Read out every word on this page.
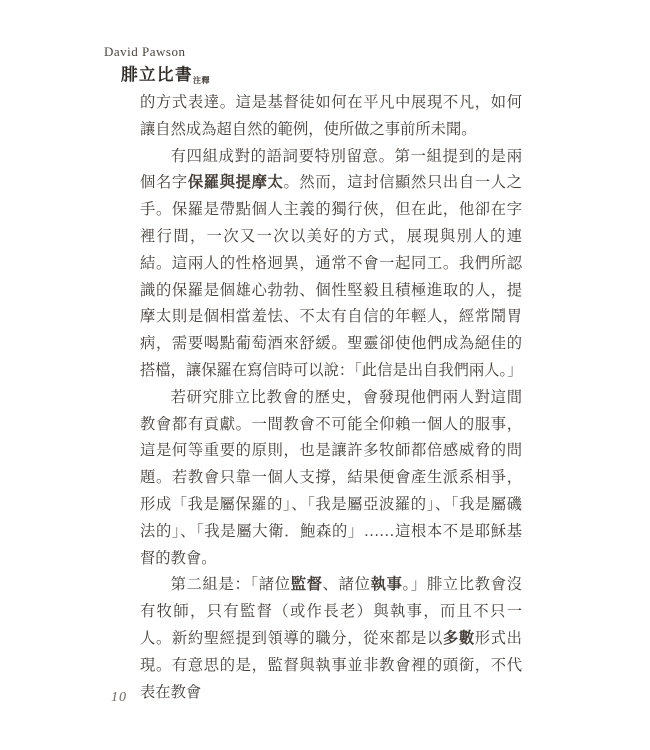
David Pawson
腓立比書注釋

的方式表達。這是基督徒如何在平凡中展現不凡，如何讓自然成為超自然的範例，使所做之事前所未聞。

有四組成對的語詞要特別留意。第一組提到的是兩個名字保羅與提摩太。然而，這封信顯然只出自一人之手。保羅是帶點個人主義的獨行俠，但在此，他卻在字裡行間，一次又一次以美好的方式，展現與別人的連結。這兩人的性格迥異，通常不會一起同工。我們所認識的保羅是個雄心勃勃、個性堅毅且積極進取的人，提摩太則是個相當羞怯、不太有自信的年輕人，經常鬧胃病，需要喝點葡萄酒來舒緩。聖靈卻使他們成為絕佳的搭檔，讓保羅在寫信時可以說：「此信是出自我們兩人。」

若研究腓立比教會的歷史，會發現他們兩人對這間教會都有貢獻。一間教會不可能全仰賴一個人的服事，這是何等重要的原則，也是讓許多牧師都倍感威脅的問題。若教會只靠一個人支撐，結果便會產生派系相爭，形成「我是屬保羅的」、「我是屬亞波羅的」、「我是屬磯法的」、「我是屬大衛．鮑森的」……這根本不是耶穌基督的教會。

第二組是：「諸位監督、諸位執事。」腓立比教會沒有牧師，只有監督（或作長老）與執事，而且不只一人。新約聖經提到領導的職分，從來都是以多數形式出現。有意思的是，監督與執事並非教會裡的頭銜，不代表在教會

10
